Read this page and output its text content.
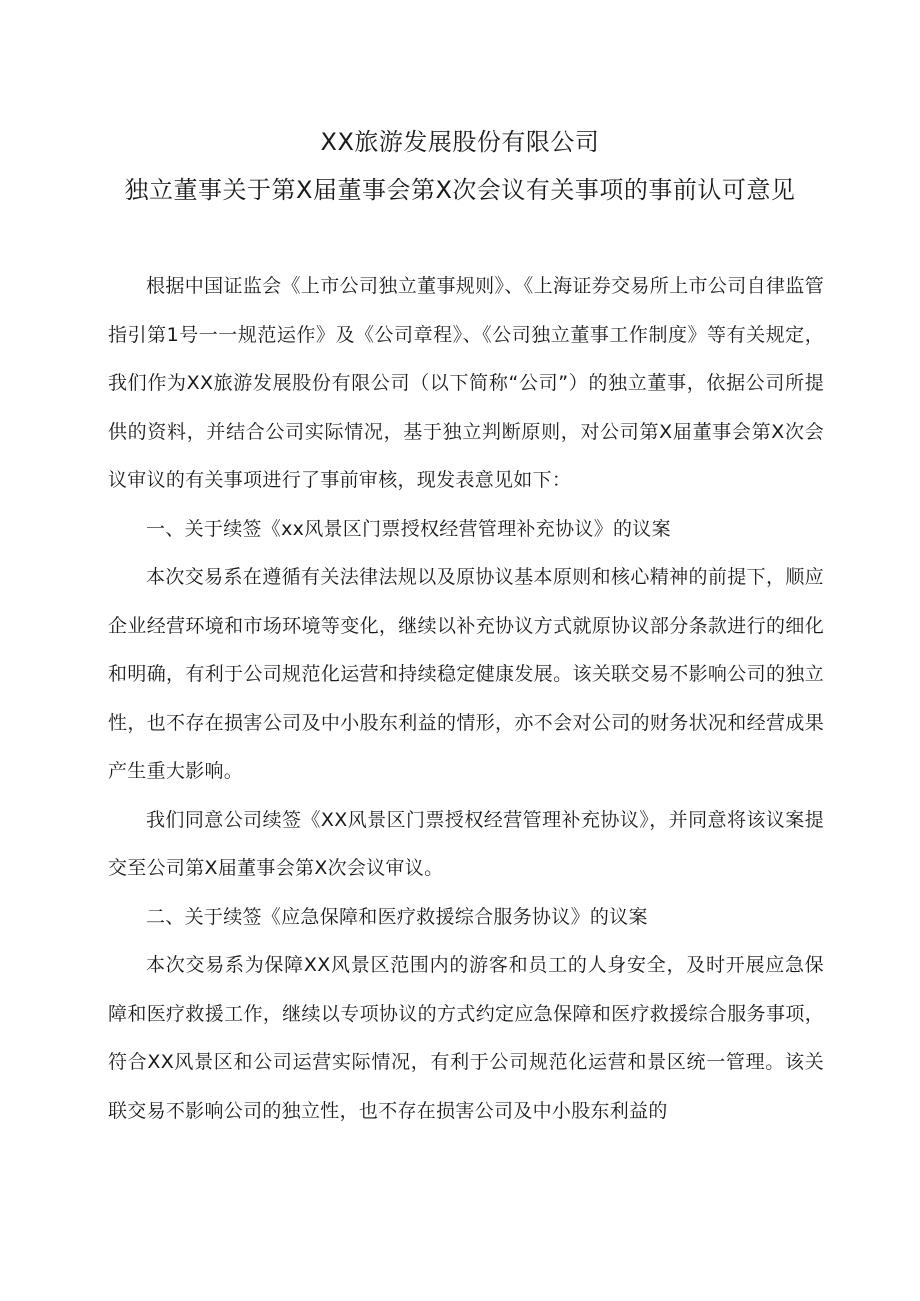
XX旅游发展股份有限公司
独立董事关于第X届董事会第X次会议有关事项的事前认可意见

根据中国证监会《上市公司独立董事规则》、《上海证券交易所上市公司自律监管指引第1号一一规范运作》及《公司章程》、《公司独立董事工作制度》等有关规定，我们作为XX旅游发展股份有限公司（以下简称“公司”）的独立董事，依据公司所提供的资料，并结合公司实际情况，基于独立判断原则，对公司第X届董事会第X次会议审议的有关事项进行了事前审核，现发表意见如下：

一、关于续签《xx风景区门票授权经营管理补充协议》的议案

本次交易系在遵循有关法律法规以及原协议基本原则和核心精神的前提下，顺应企业经营环境和市场环境等变化，继续以补充协议方式就原协议部分条款进行的细化和明确，有利于公司规范化运营和持续稳定健康发展。该关联交易不影响公司的独立性，也不存在损害公司及中小股东利益的情形，亦不会对公司的财务状况和经营成果产生重大影响。

我们同意公司续签《XX风景区门票授权经营管理补充协议》，并同意将该议案提交至公司第X届董事会第X次会议审议。

二、关于续签《应急保障和医疗救援综合服务协议》的议案

本次交易系为保障XX风景区范围内的游客和员工的人身安全，及时开展应急保障和医疗救援工作，继续以专项协议的方式约定应急保障和医疗救援综合服务事项，符合XX风景区和公司运营实际情况，有利于公司规范化运营和景区统一管理。该关联交易不影响公司的独立性，也不存在损害公司及中小股东利益的
